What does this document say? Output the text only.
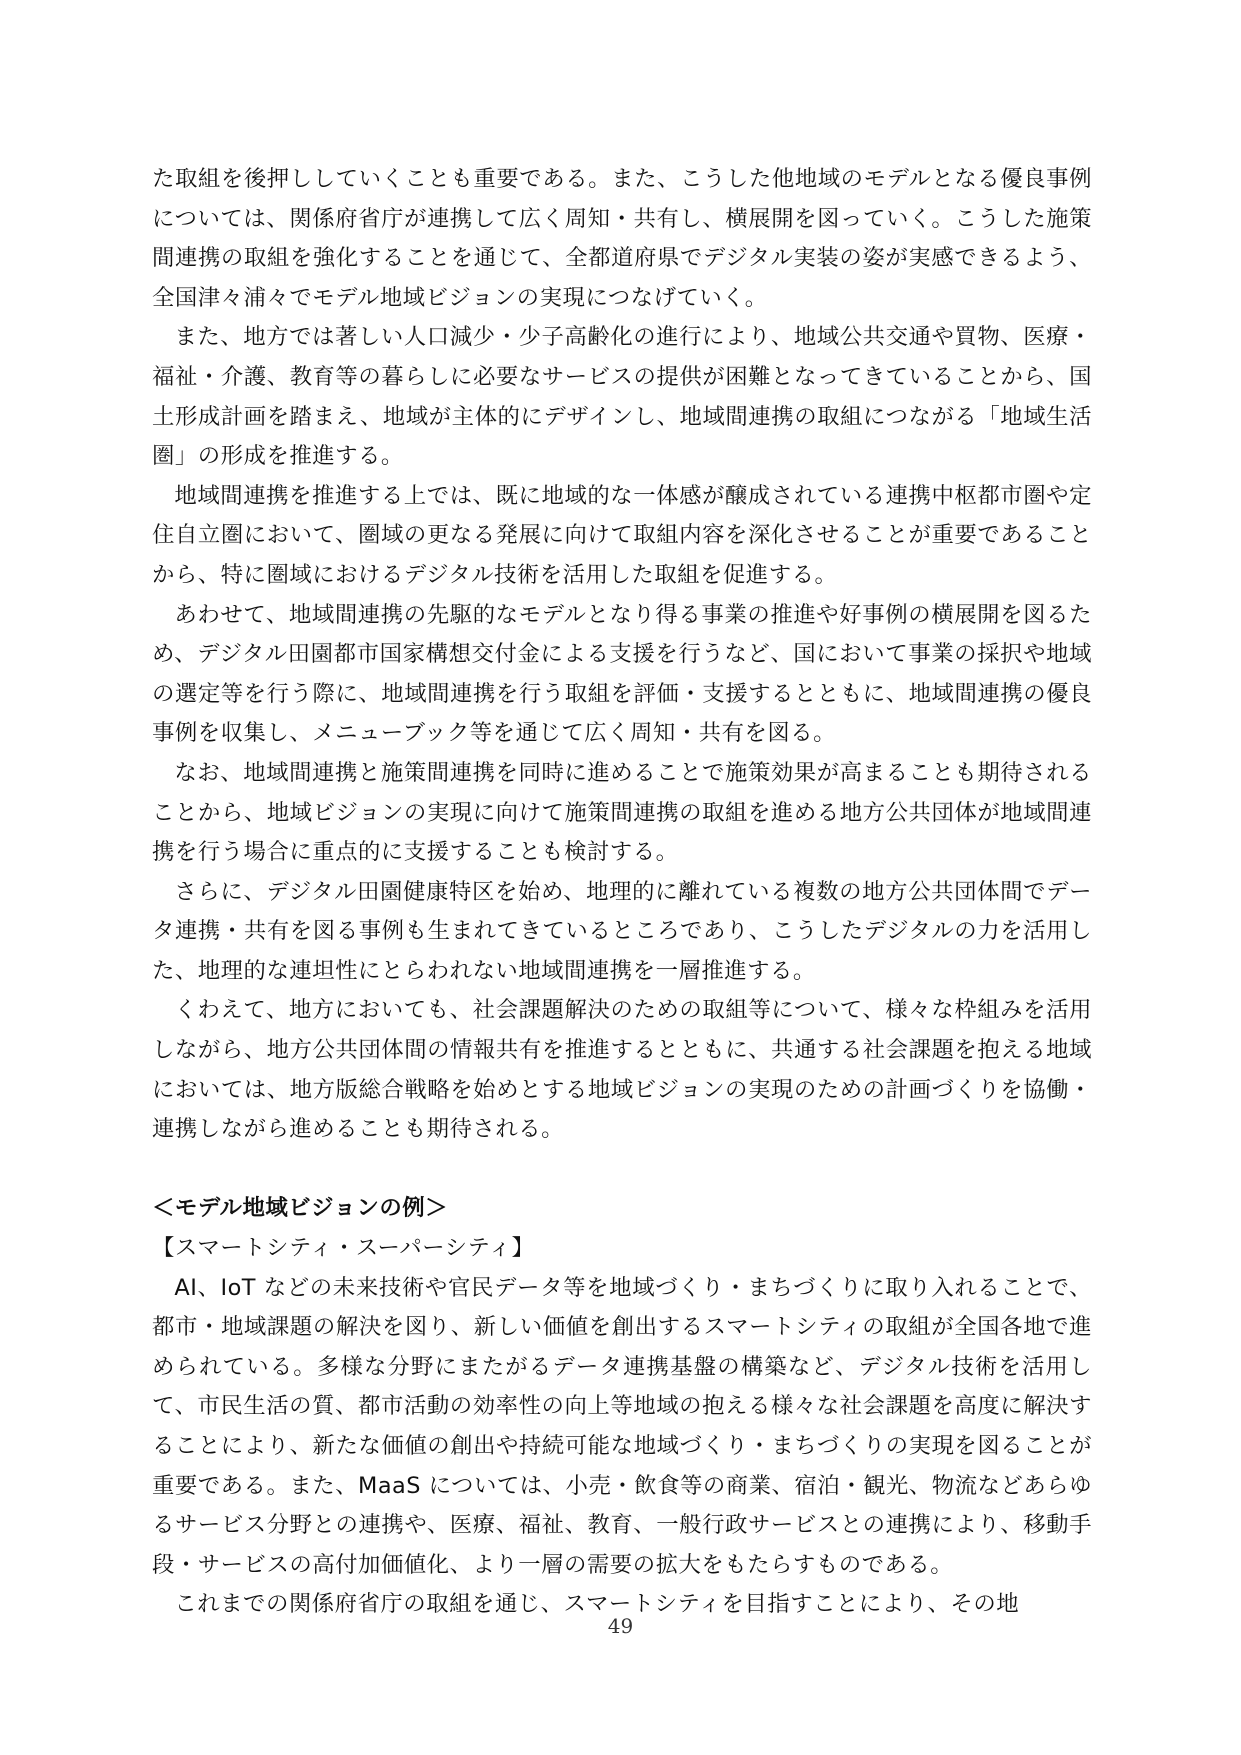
た取組を後押ししていくことも重要である。また、こうした他地域のモデルとなる優良事例については、関係府省庁が連携して広く周知・共有し、横展開を図っていく。こうした施策間連携の取組を強化することを通じて、全都道府県でデジタル実装の姿が実感できるよう、全国津々浦々でモデル地域ビジョンの実現につなげていく。

また、地方では著しい人口減少・少子高齢化の進行により、地域公共交通や買物、医療・福祉・介護、教育等の暮らしに必要なサービスの提供が困難となってきていることから、国土形成計画を踏まえ、地域が主体的にデザインし、地域間連携の取組につながる「地域生活圏」の形成を推進する。

地域間連携を推進する上では、既に地域的な一体感が醸成されている連携中枢都市圏や定住自立圏において、圏域の更なる発展に向けて取組内容を深化させることが重要であることから、特に圏域におけるデジタル技術を活用した取組を促進する。

あわせて、地域間連携の先駆的なモデルとなり得る事業の推進や好事例の横展開を図るため、デジタル田園都市国家構想交付金による支援を行うなど、国において事業の採択や地域の選定等を行う際に、地域間連携を行う取組を評価・支援するとともに、地域間連携の優良事例を収集し、メニューブック等を通じて広く周知・共有を図る。

なお、地域間連携と施策間連携を同時に進めることで施策効果が高まることも期待されることから、地域ビジョンの実現に向けて施策間連携の取組を進める地方公共団体が地域間連携を行う場合に重点的に支援することも検討する。

さらに、デジタル田園健康特区を始め、地理的に離れている複数の地方公共団体間でデータ連携・共有を図る事例も生まれてきているところであり、こうしたデジタルの力を活用した、地理的な連坦性にとらわれない地域間連携を一層推進する。

くわえて、地方においても、社会課題解決のための取組等について、様々な枠組みを活用しながら、地方公共団体間の情報共有を推進するとともに、共通する社会課題を抱える地域においては、地方版総合戦略を始めとする地域ビジョンの実現のための計画づくりを協働・連携しながら進めることも期待される。

＜モデル地域ビジョンの例＞

【スマートシティ・スーパーシティ】

AI、IoT などの未来技術や官民データ等を地域づくり・まちづくりに取り入れることで、都市・地域課題の解決を図り、新しい価値を創出するスマートシティの取組が全国各地で進められている。多様な分野にまたがるデータ連携基盤の構築など、デジタル技術を活用して、市民生活の質、都市活動の効率性の向上等地域の抱える様々な社会課題を高度に解決することにより、新たな価値の創出や持続可能な地域づくり・まちづくりの実現を図ることが重要である。また、MaaS については、小売・飲食等の商業、宿泊・観光、物流などあらゆるサービス分野との連携や、医療、福祉、教育、一般行政サービスとの連携により、移動手段・サービスの高付加価値化、より一層の需要の拡大をもたらすものである。

これまでの関係府省庁の取組を通じ、スマートシティを目指すことにより、その地

49
